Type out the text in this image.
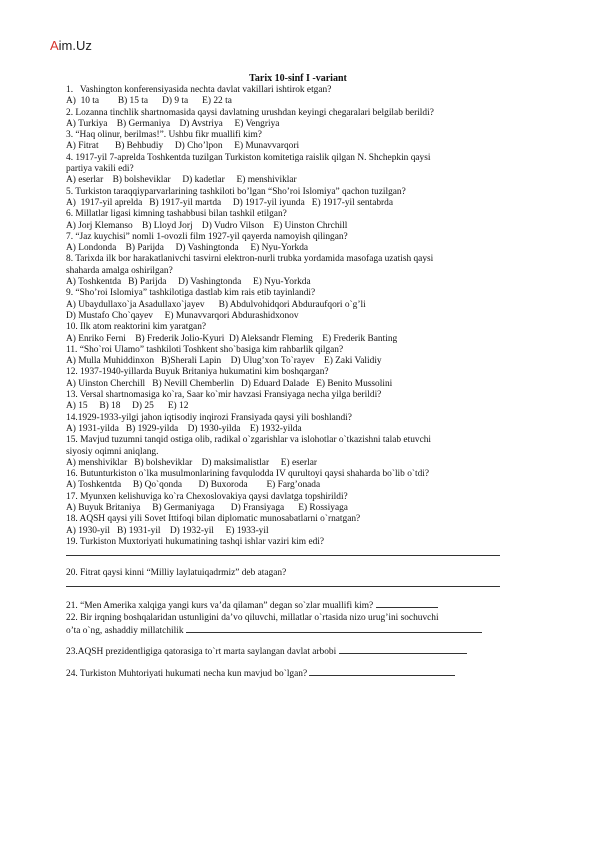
Aim.Uz
Tarix 10-sinf I -variant
1.   Vashington konferensiyasida nechta davlat vakillari ishtirok etgan?
A)  10 ta        B) 15 ta      D) 9 ta      E) 22 ta
2. Lozanna tinchlik shartnomasida qaysi davlatning urushdan keyingi chegaralari belgilab berildi?
A) Turkiya    B) Germaniya    D) Avstriya     E) Vengriya
3. “Haq olinur, berilmas!”. Ushbu fikr muallifi kim?
A) Fitrat       B) Behbudiy     D) Cho’lpon     E) Munavvarqori
4. 1917-yil 7-aprelda Toshkentda tuzilgan Turkiston komitetiga raislik qilgan N. Shchepkin qaysi
partiya vakili edi?
A) eserlar    B) bolsheviklar     D) kadetlar     E) menshiviklar
5. Turkiston taraqqiyparvarlarining tashkiloti bo’lgan “Sho’roi Islomiya” qachon tuzilgan?
A)  1917-yil aprelda   B) 1917-yil martda     D) 1917-yil iyunda   E) 1917-yil sentabrda
6. Millatlar ligasi kimning tashabbusi bilan tashkil etilgan?
A) Jorj Klemanso    B) Lloyd Jorj    D) Vudro Vilson    E) Uinston Chrchill
7. “Jaz kuychisi” nomli 1-ovozli film 1927-yil qayerda namoyish qilingan?
A) Londonda    B) Parijda     D) Vashingtonda     E) Nyu-Yorkda
8. Tarixda ilk bor harakatlanivchi tasvirni elektron-nurli trubka yordamida masofaga uzatish qaysi
shaharda amalga oshirilgan?
A) Toshkentda   B) Parijda     D) Vashingtonda     E) Nyu-Yorkda
9. “Sho’roi Islomiya” tashkilotiga dastlab kim rais etib tayinlandi?
A) Ubaydullaxo`ja Asadullaxo`jayev      B) Abdulvohidqori Abduraufqori o`g’li
D) Mustafo Cho`qayev     E) Munavvarqori Abdurashidxonov
10. Ilk atom reaktorini kim yaratgan?
A) Enriko Ferni    B) Frederik Jolio-Kyuri  D) Aleksandr Fleming    E) Frederik Banting
11. “Sho`roi Ulamo” tashkiloti Toshkent sho`basiga kim rahbarlik qilgan?
A) Mulla Muhiddinxon   B)Sherali Lapin    D) Ulug’xon To`rayev    E) Zaki Validiy
12. 1937-1940-yillarda Buyuk Britaniya hukumatini kim boshqargan?
A) Uinston Cherchill   B) Nevill Chemberlin   D) Eduard Dalade   E) Benito Mussolini
13. Versal shartnomasiga ko`ra, Saar ko`mir havzasi Fransiyaga necha yilga berildi?
A) 15     B) 18     D) 25      E) 12
14.1929-1933-yilgi jahon iqtisodiy inqirozi Fransiyada qaysi yili boshlandi?
A) 1931-yilda   B) 1929-yilda    D) 1930-yilda    E) 1932-yilda
15. Mavjud tuzumni tanqid ostiga olib, radikal o`zgarishlar va islohotlar o`tkazishni talab etuvchi
siyosiy oqimni aniqlang.
A) menshiviklar   B) bolsheviklar    D) maksimalistlar     E) eserlar
16. Butunturkiston o`lka musulmonlarining favqulodda IV qurultoyi qaysi shaharda bo`lib o`tdi?
A) Toshkentda     B) Qo`qonda       D) Buxoroda        E) Farg’onada
17. Myunxen kelishuviga ko`ra Chexoslovakiya qaysi davlatga topshirildi?
A) Buyuk Britaniya     B) Germaniyaga       D) Fransiyaga      E) Rossiyaga
18. AQSH qaysi yili Sovet Ittifoqi bilan diplomatic munosabatlarni o`rnatgan?
A) 1930-yil   B) 1931-yil    D) 1932-yil     E) 1933-yil
19. Turkiston Muxtoriyati hukumatining tashqi ishlar vaziri kim edi?
20. Fitrat qaysi kinni “Milliy laylatuiqadrmiz” deb atagan?
21. “Men Amerika xalqiga yangi kurs va’da qilaman” degan so`zlar muallifi kim?
22. Bir irqning boshqalaridan ustunligini da’vo qiluvchi, millatlar o`rtasida nizo urug’ini sochuvchi
o’ta o`ng, ashaddiy millatchilik
23.AQSH prezidentligiga qatorasiga to`rt marta saylangan davlat arbobi
24. Turkiston Muhtoriyati hukumati necha kun mavjud bo`lgan?
